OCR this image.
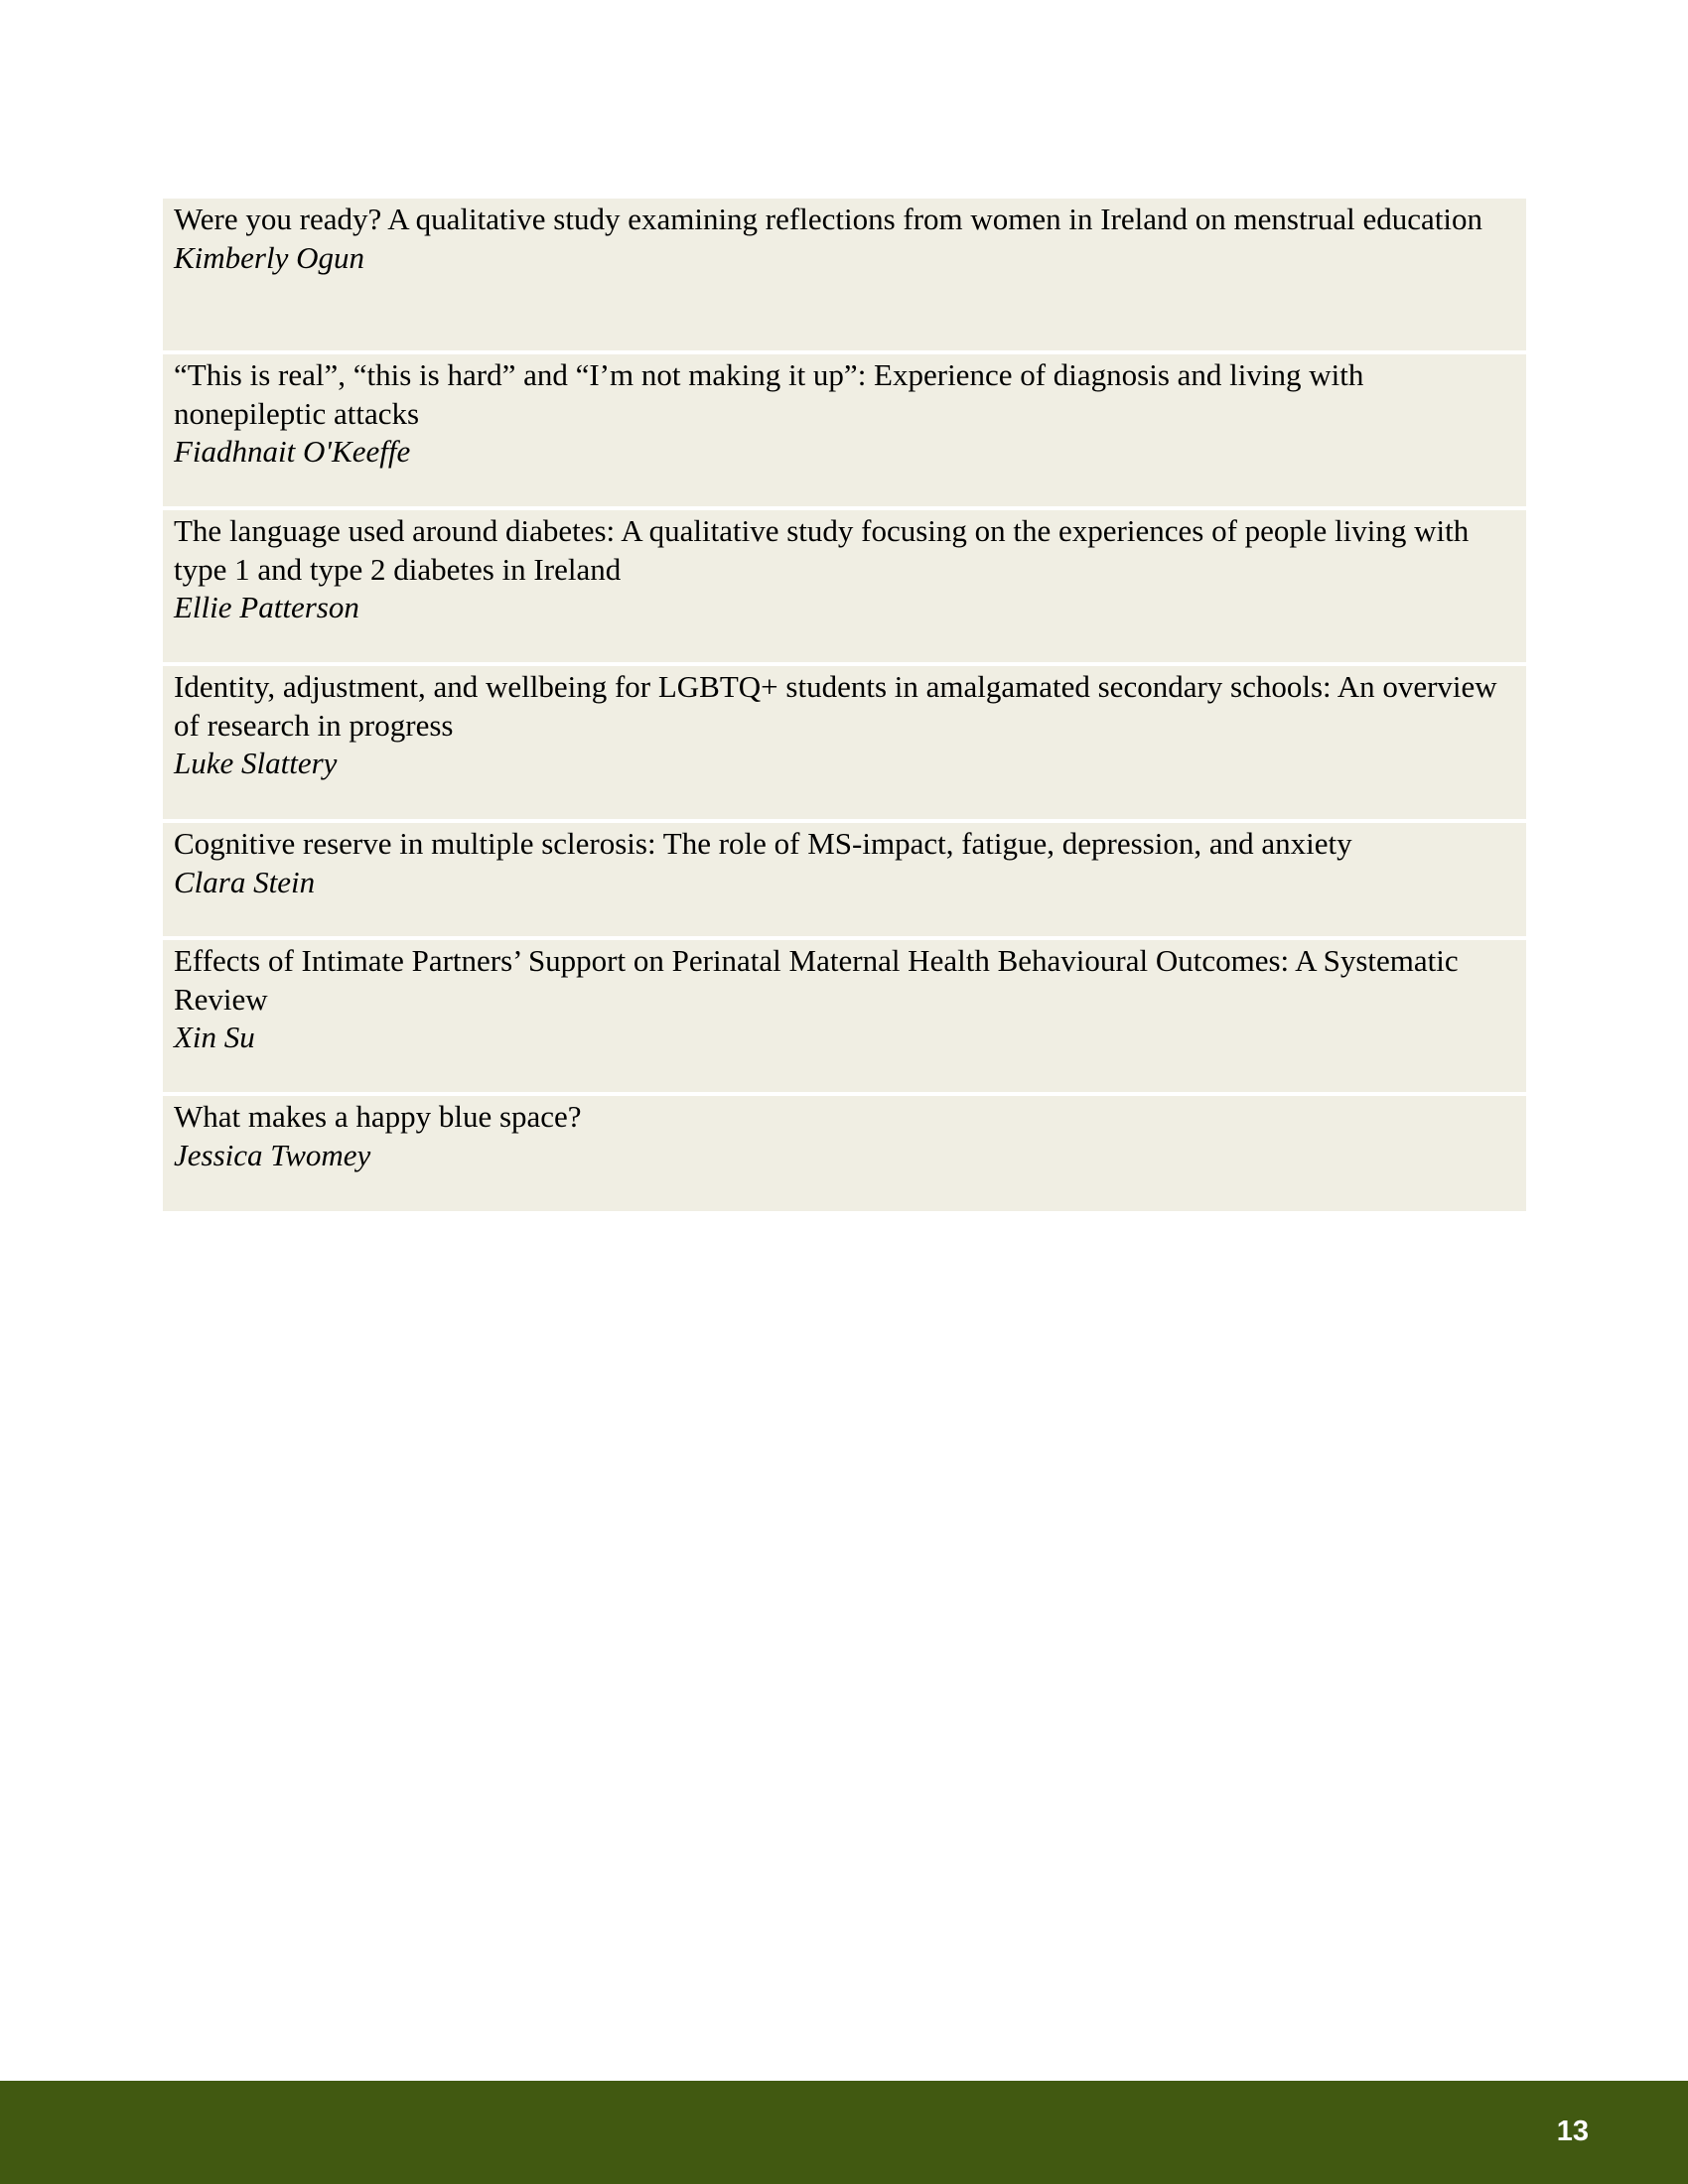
Were you ready? A qualitative study examining reflections from women in Ireland on menstrual education
Kimberly Ogun
“This is real”, “this is hard” and “I’m not making it up”: Experience of diagnosis and living with nonepileptic attacks
Fiadhnait O'Keeffe
The language used around diabetes: A qualitative study focusing on the experiences of people living with type 1 and type 2 diabetes in Ireland
Ellie Patterson
Identity, adjustment, and wellbeing for LGBTQ+ students in amalgamated secondary schools: An overview of research in progress
Luke Slattery
Cognitive reserve in multiple sclerosis: The role of MS-impact, fatigue, depression, and anxiety
Clara Stein
Effects of Intimate Partners’ Support on Perinatal Maternal Health Behavioural Outcomes: A Systematic Review
Xin Su
What makes a happy blue space?
Jessica Twomey
13
